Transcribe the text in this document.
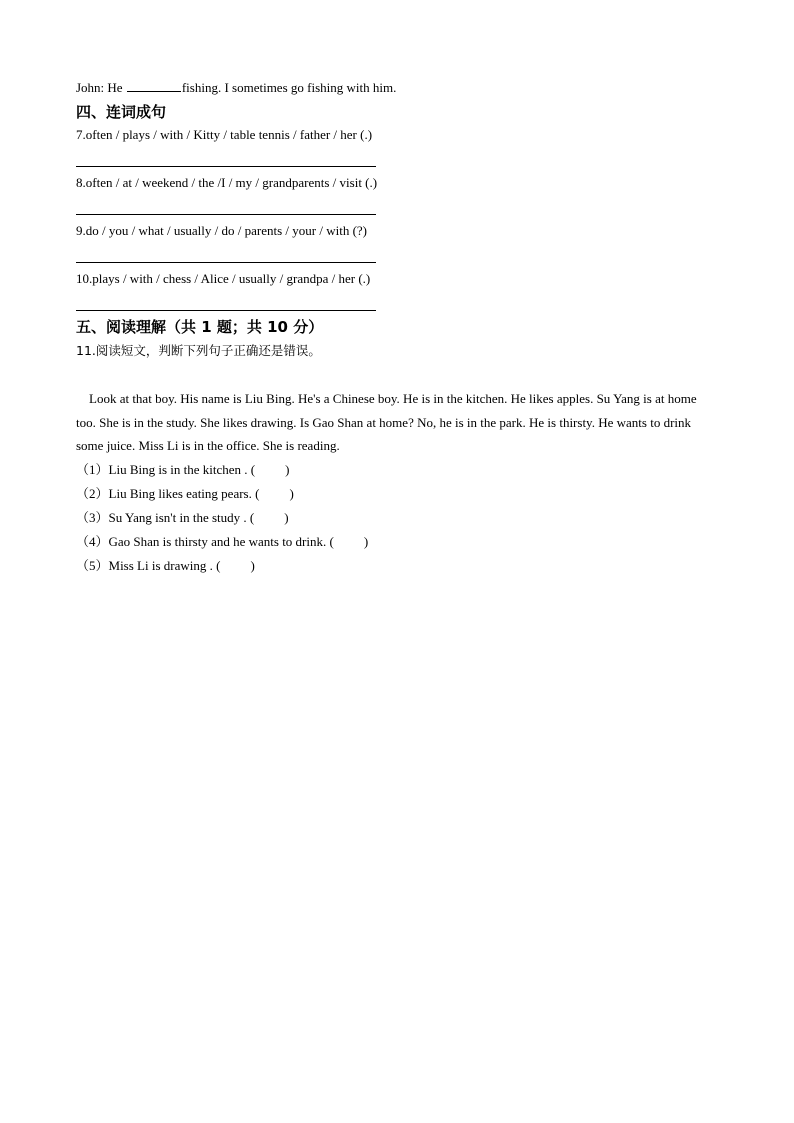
John: He	fishing. I sometimes go fishing with him.
四、连词成句
7.often / plays / with / Kitty / table tennis / father / her (.)
8.often / at / weekend / the /I / my / grandparents / visit (.)
9.do / you / what / usually / do / parents / your / with (?)
10.plays / with / chess / Alice / usually / grandpa / her (.)
五、阅读理解（共 1 题；共 10 分）
11.阅读短文，判断下列句子正确还是错误。
Look at that boy. His name is Liu Bing. He's a Chinese boy. He is in the kitchen. He likes apples. Su Yang is at home too. She is in the study. She likes drawing. Is Gao Shan at home? No, he is in the park. He is thirsty. He wants to drink some juice. Miss Li is in the office. She is reading.
（1）Liu Bing is in the kitchen . ( )
（2）Liu Bing likes eating pears. ( )
（3）Su Yang isn't in the study . ( )
（4）Gao Shan is thirsty and he wants to drink. ( )
（5）Miss Li is drawing . ( )
